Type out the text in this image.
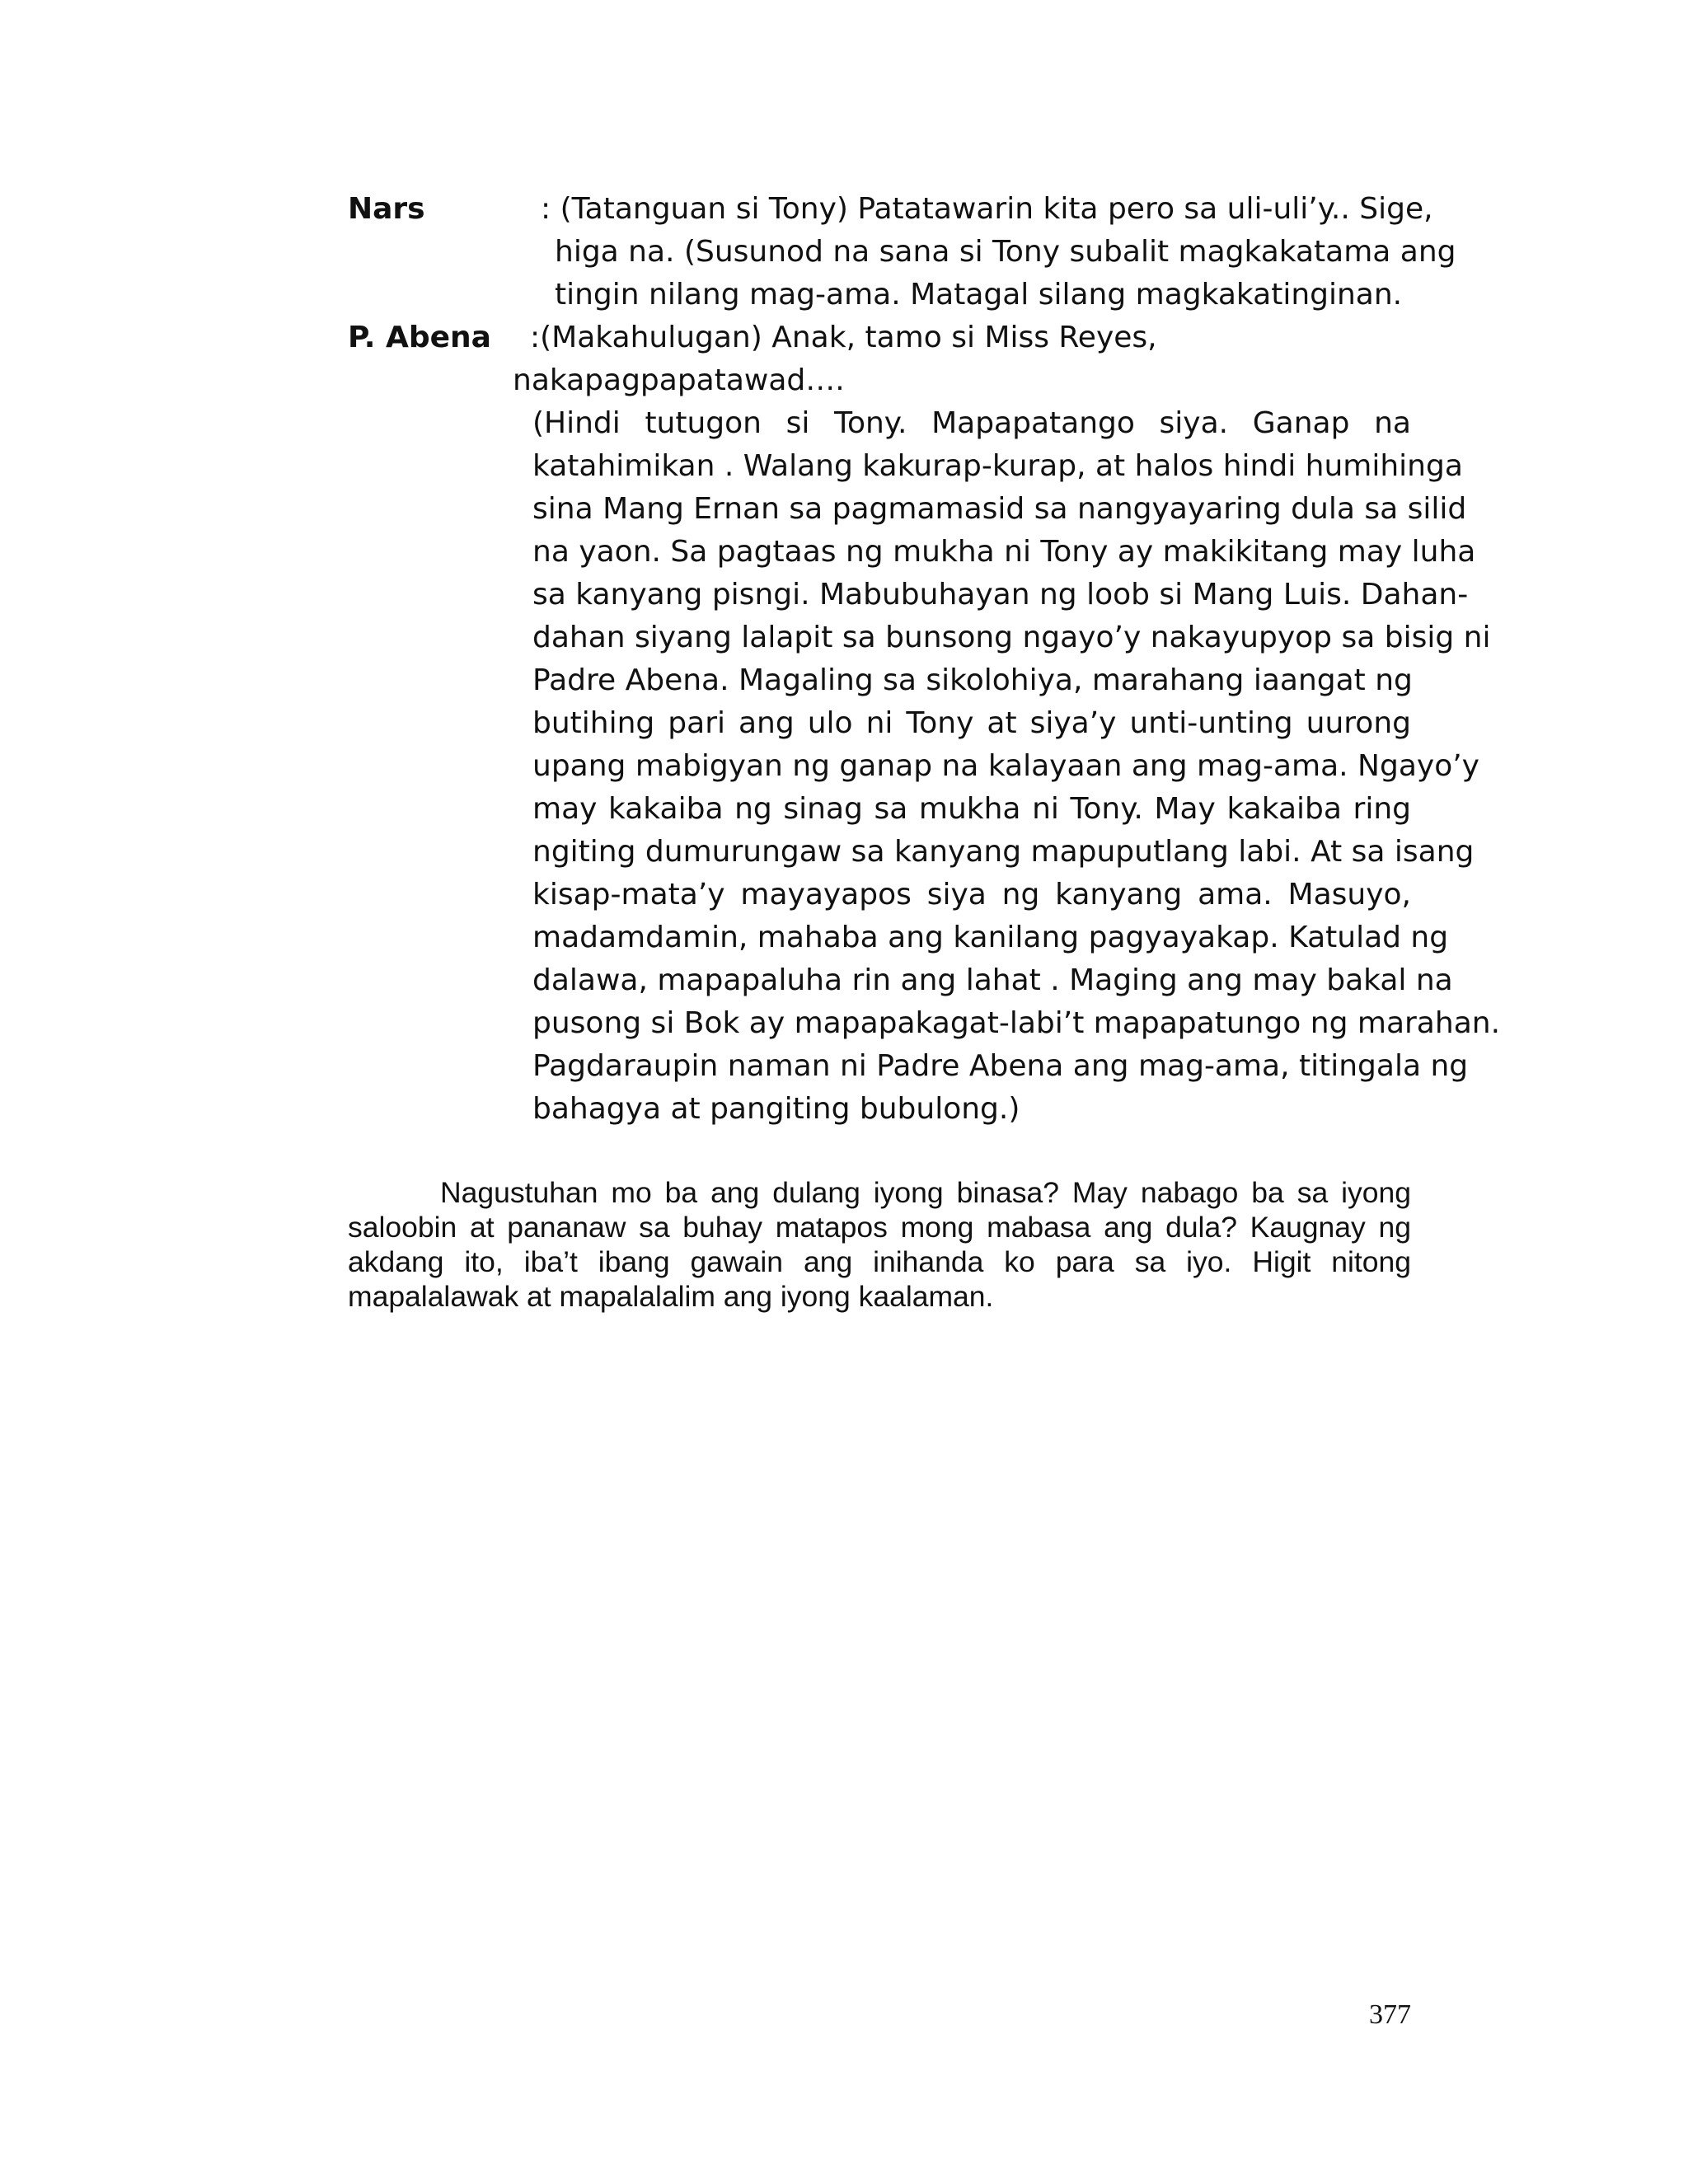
Nars	: (Tatanguan si Tony) Patatawarin kita pero sa uli-uli’y.. Sige,
higa na. (Susunod na sana si Tony subalit magkakatama ang
tingin nilang mag-ama. Matagal silang magkakatinginan.
P. Abena :(Makahulugan) Anak, tamo si Miss Reyes,
nakapagpapatawad….
(Hindi tutugon si Tony. Mapapatango siya. Ganap na
katahimikan . Walang kakurap-kurap, at halos hindi humihinga
sina Mang Ernan sa pagmamasid sa nangyayaring dula sa silid
na yaon. Sa pagtaas ng mukha ni Tony ay makikitang may luha
sa kanyang pisngi. Mabubuhayan ng loob si Mang Luis. Dahan-
dahan siyang lalapit sa bunsong ngayo’y nakayupyop sa bisig ni
Padre Abena. Magaling sa sikolohiya, marahang iaangat ng
butihing pari ang ulo ni Tony at siya’y unti-unting uurong
upang mabigyan ng ganap na kalayaan ang mag-ama. Ngayo’y
may kakaiba ng sinag sa mukha ni Tony. May kakaiba ring
ngiting dumurungaw sa kanyang mapuputlang labi. At sa isang
kisap-mata’y mayayapos siya ng kanyang ama. Masuyo,
madamdamin, mahaba ang kanilang pagyayakap. Katulad ng
dalawa, mapapaluha rin ang lahat . Maging ang may bakal na
pusong si Bok ay mapapakagat-labi’t mapapatungo ng marahan.
Pagdaraupin naman ni Padre Abena ang mag-ama, titingala ng
bahagya at pangiting bubulong.)
Nagustuhan mo ba ang dulang iyong binasa? May nabago ba sa iyong
saloobin at pananaw sa buhay matapos mong mabasa ang dula? Kaugnay ng
akdang ito, iba’t ibang gawain ang inihanda ko para sa iyo. Higit nitong
mapalalawak at mapalalalim ang iyong kaalaman.
377
